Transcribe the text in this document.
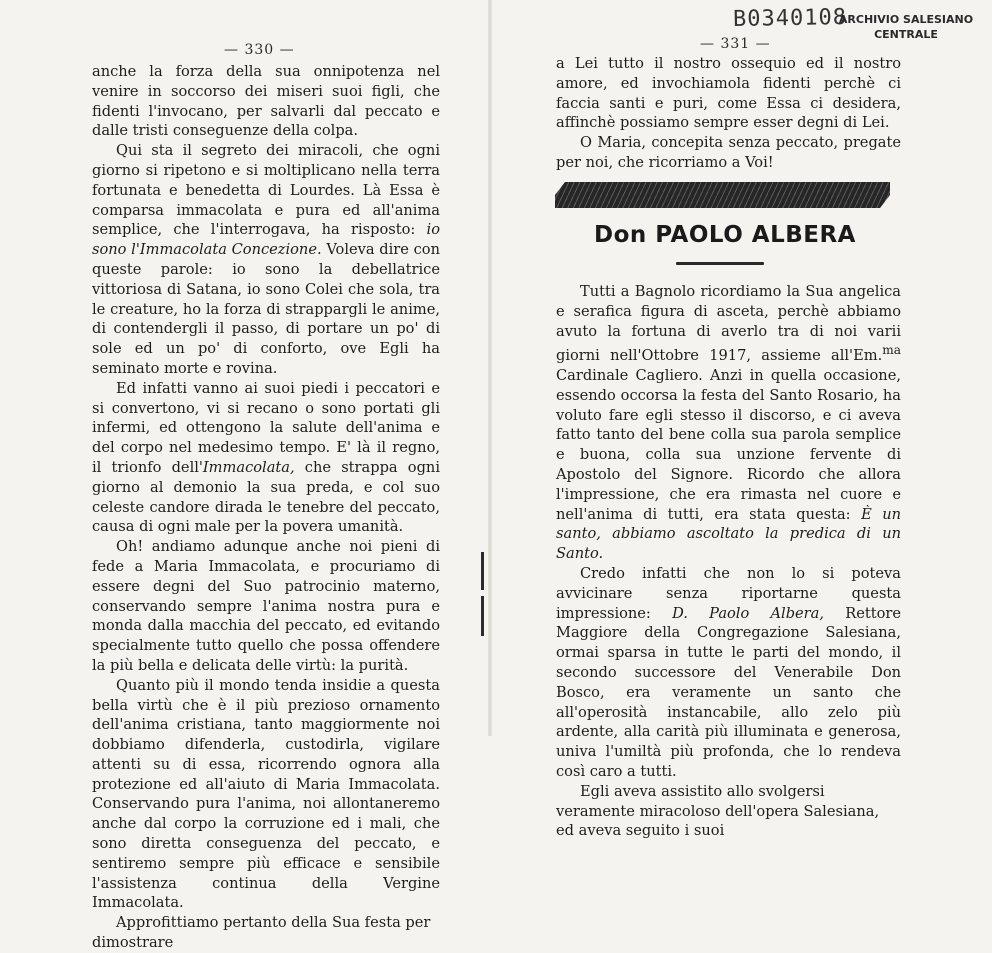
— 330 —

anche la forza della sua onnipotenza nel venire in soccorso dei miseri suoi figli, che fidenti l'invocano, per salvarli dal peccato e dalle tristi conseguenze della colpa.

Qui sta il segreto dei miracoli, che ogni giorno si ripetono e si moltiplicano nella terra fortunata e benedetta di Lourdes. Là Essa è comparsa immacolata e pura ed all'anima semplice, che l'interrogava, ha risposto: io sono l'Immacolata Concezione. Voleva dire con queste parole: io sono la debellatrice vittoriosa di Satana, io sono Colei che sola, tra le creature, ho la forza di strappargli le anime, di contendergli il passo, di portare un po' di sole ed un po' di conforto, ove Egli ha seminato morte e rovina.

Ed infatti vanno ai suoi piedi i peccatori e si convertono, vi si recano o sono portati gli infermi, ed ottengono la salute dell'anima e del corpo nel medesimo tempo. E' là il regno, il trionfo dell'Immacolata, che strappa ogni giorno al demonio la sua preda, e col suo celeste candore dirada le tenebre del peccato, causa di ogni male per la povera umanità.

Oh! andiamo adunque anche noi pieni di fede a Maria Immacolata, e procuriamo di essere degni del Suo patrocinio materno, conservando sempre l'anima nostra pura e monda dalla macchia del peccato, ed evitando specialmente tutto quello che possa offendere la più bella e delicata delle virtù: la purità.

Quanto più il mondo tenda insidie a questa bella virtù che è il più prezioso ornamento dell'anima cristiana, tanto maggiormente noi dobbiamo difenderla, custodirla, vigilare attenti su di essa, ricorrendo ognora alla protezione ed all'aiuto di Maria Immacolata. Conservando pura l'anima, noi allontaneremo anche dal corpo la corruzione ed i mali, che sono diretta conseguenza del peccato, e sentiremo sempre più efficace e sensibile l'assistenza continua della Vergine Immacolata.

Approfittiamo pertanto della Sua festa per dimostrare

B0340108
ARCHIVIO SALESIANO
CENTRALE
— 331 —

a Lei tutto il nostro ossequio ed il nostro amore, ed invochiamola fidenti perchè ci faccia santi e puri, come Essa ci desidera, affinchè possiamo sempre esser degni di Lei.

O Maria, concepita senza peccato, pregate per noi, che ricorriamo a Voi!

Tutti a Bagnolo ricordiamo la Sua angelica e serafica figura di asceta, perchè abbiamo avuto la fortuna di averlo tra di noi varii giorni nell'Ottobre 1917, assieme all'Em.$^{ma}$ Cardinale Cagliero. Anzi in quella occasione, essendo occorsa la festa del Santo Rosario, ha voluto fare egli stesso il discorso, e ci aveva fatto tanto del bene colla sua parola semplice e buona, colla sua unzione fervente di Apostolo del Signore. Ricordo che allora l'impressione, che era rimasta nel cuore e nell'anima di tutti, era stata questa: È un santo, abbiamo ascoltato la predica di un Santo.

Credo infatti che non lo si poteva avvicinare senza riportarne questa impressione: D. Paolo Albera, Rettore Maggiore della Congregazione Salesiana, ormai sparsa in tutte le parti del mondo, il secondo successore del Venerabile Don Bosco, era veramente un santo che all'operosità instancabile, allo zelo più ardente, alla carità più illuminata e generosa, univa l'umiltà più profonda, che lo rendeva così caro a tutti.

Egli aveva assistito allo svolgersi veramente miracoloso dell'opera Salesiana, ed aveva seguito i suoi

Don PAOLO ALBERA
